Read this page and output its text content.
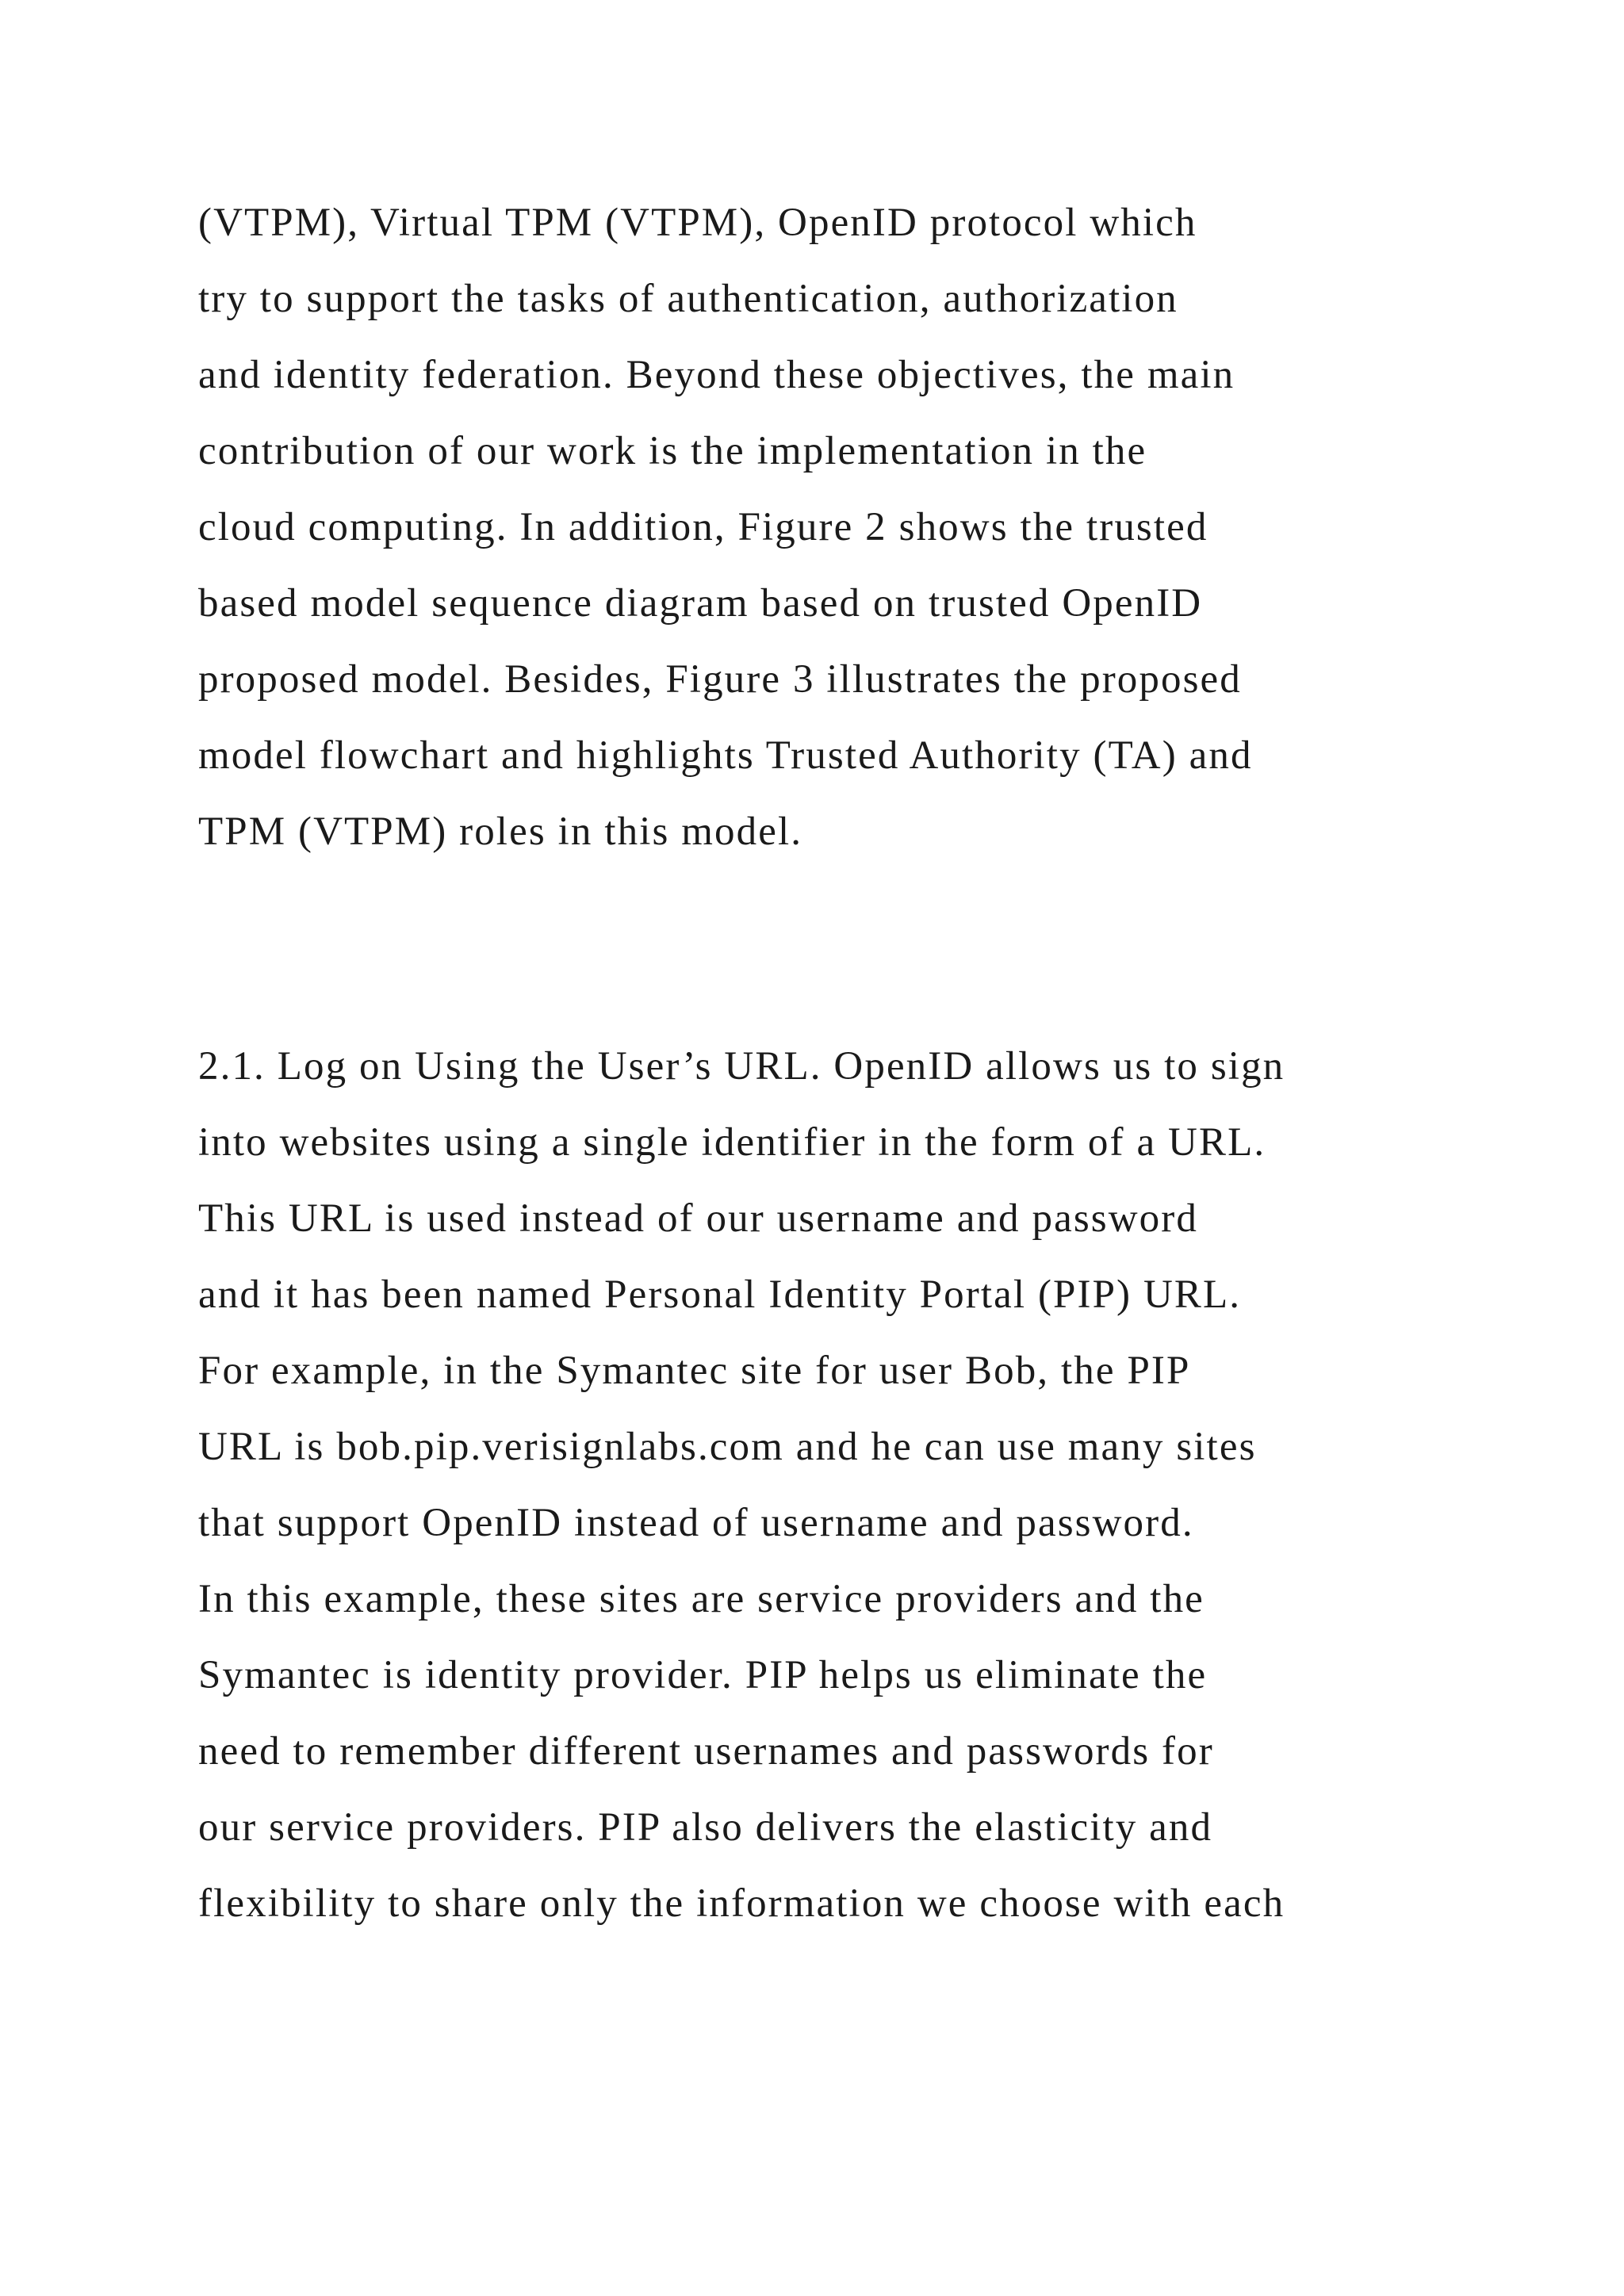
(VTPM), Virtual TPM (VTPM), OpenID protocol which
try to support the tasks of authentication, authorization
and identity federation. Beyond these objectives, the main
contribution of our work is the implementation in the
cloud computing. In addition, Figure 2 shows the trusted
based model sequence diagram based on trusted OpenID
proposed model. Besides, Figure 3 illustrates the proposed
model flowchart and highlights Trusted Authority (TA) and
TPM (VTPM) roles in this model.
2.1. Log on Using the User’s URL. OpenID allows us to sign
into websites using a single identifier in the form of a URL.
This URL is used instead of our username and password
and it has been named Personal Identity Portal (PIP) URL.
For example, in the Symantec site for user Bob, the PIP
URL is bob.pip.verisignlabs.com and he can use many sites
that support OpenID instead of username and password.
In this example, these sites are service providers and the
Symantec is identity provider. PIP helps us eliminate the
need to remember different usernames and passwords for
our service providers. PIP also delivers the elasticity and
flexibility to share only the information we choose with each
